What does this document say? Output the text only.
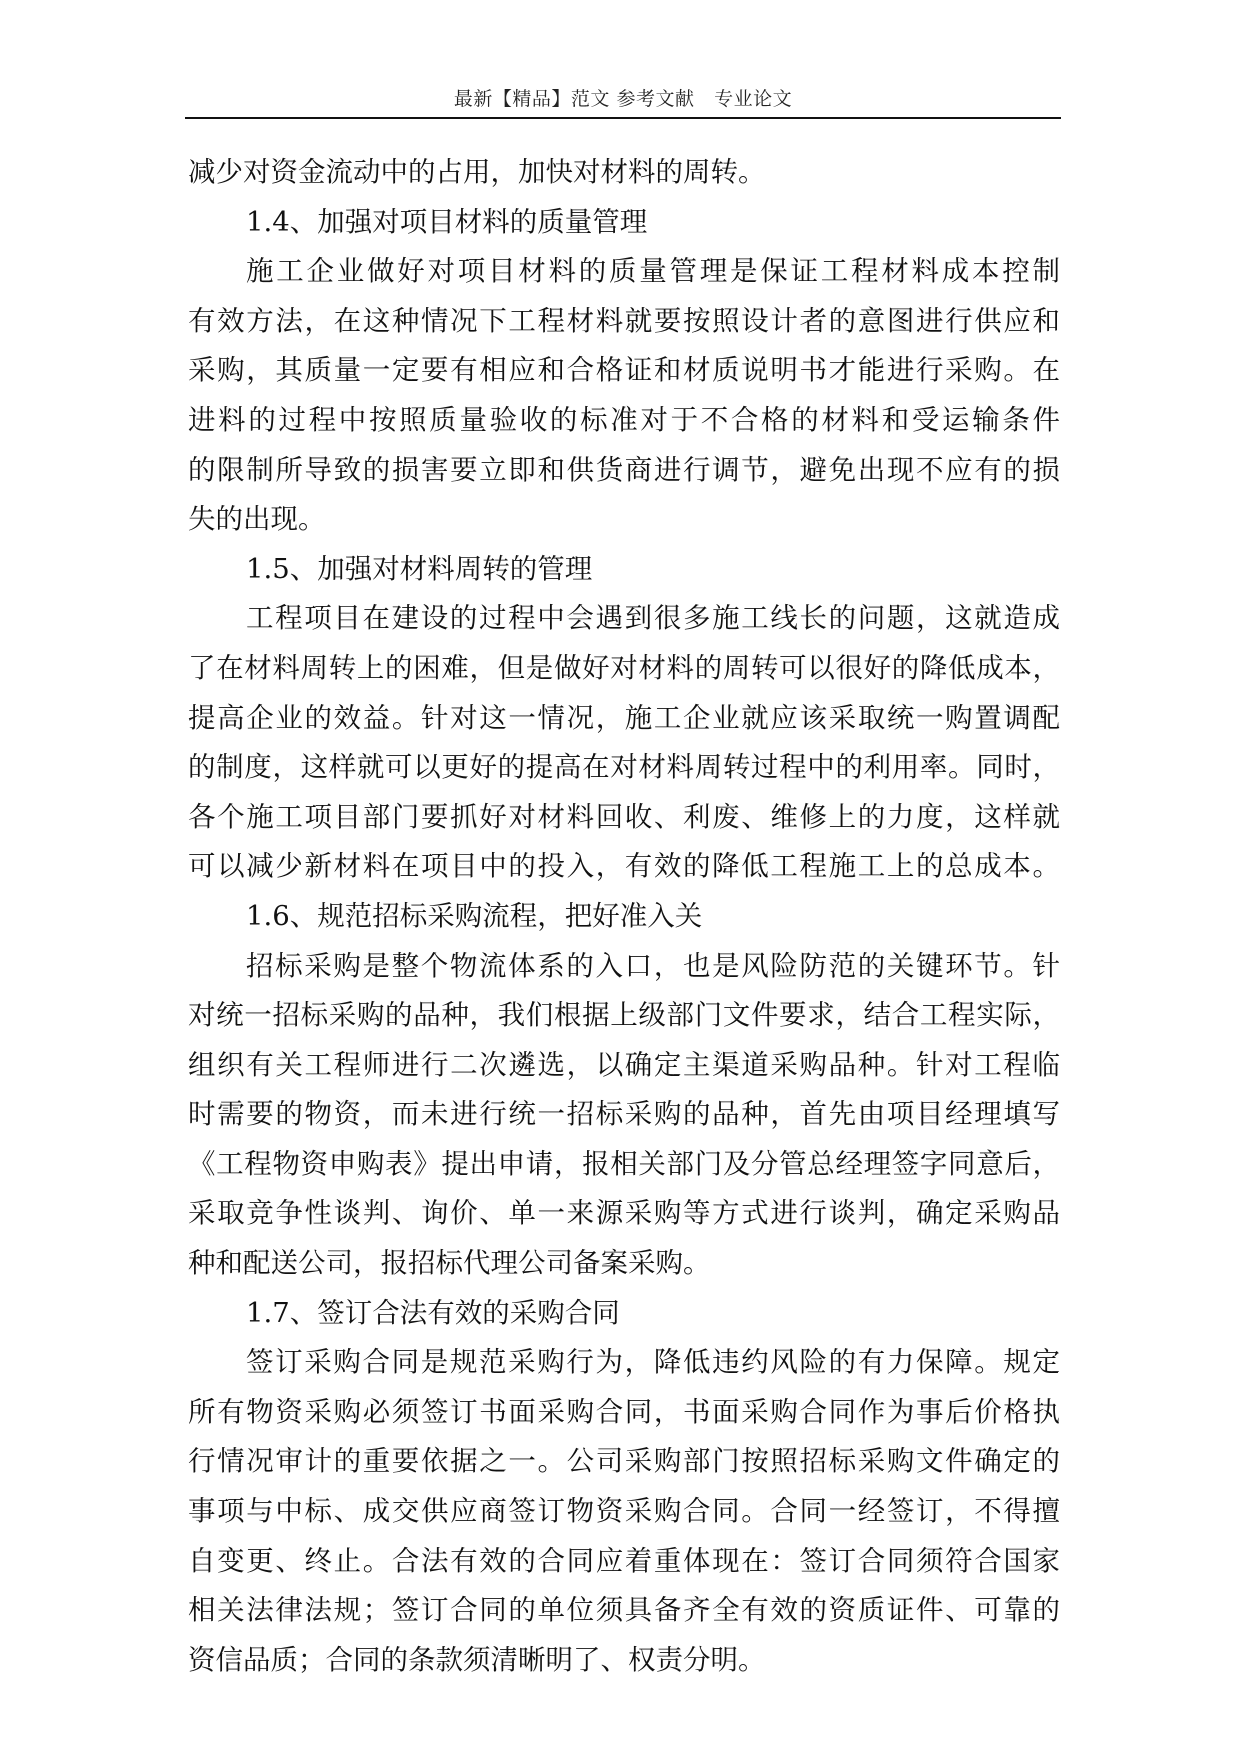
最新【精品】范文 参考文献   专业论文
减少对资金流动中的占用，加快对材料的周转。
1.4、加强对项目材料的质量管理
施工企业做好对项目材料的质量管理是保证工程材料成本控制
有效方法，在这种情况下工程材料就要按照设计者的意图进行供应和
采购，其质量一定要有相应和合格证和材质说明书才能进行采购。在
进料的过程中按照质量验收的标准对于不合格的材料和受运输条件
的限制所导致的损害要立即和供货商进行调节，避免出现不应有的损
失的出现。
1.5、加强对材料周转的管理
工程项目在建设的过程中会遇到很多施工线长的问题，这就造成
了在材料周转上的困难，但是做好对材料的周转可以很好的降低成本，
提高企业的效益。针对这一情况，施工企业就应该采取统一购置调配
的制度，这样就可以更好的提高在对材料周转过程中的利用率。同时，
各个施工项目部门要抓好对材料回收、利废、维修上的力度，这样就
可以减少新材料在项目中的投入，有效的降低工程施工上的总成本。
1.6、规范招标采购流程，把好准入关
招标采购是整个物流体系的入口，也是风险防范的关键环节。针
对统一招标采购的品种，我们根据上级部门文件要求，结合工程实际，
组织有关工程师进行二次遴选，以确定主渠道采购品种。针对工程临
时需要的物资，而未进行统一招标采购的品种，首先由项目经理填写
《工程物资申购表》提出申请，报相关部门及分管总经理签字同意后，
采取竞争性谈判、询价、单一来源采购等方式进行谈判，确定采购品
种和配送公司，报招标代理公司备案采购。
1.7、签订合法有效的采购合同
签订采购合同是规范采购行为，降低违约风险的有力保障。规定
所有物资采购必须签订书面采购合同，书面采购合同作为事后价格执
行情况审计的重要依据之一。公司采购部门按照招标采购文件确定的
事项与中标、成交供应商签订物资采购合同。合同一经签订，不得擅
自变更、终止。合法有效的合同应着重体现在：签订合同须符合国家
相关法律法规；签订合同的单位须具备齐全有效的资质证件、可靠的
资信品质；合同的条款须清晰明了、权责分明。
